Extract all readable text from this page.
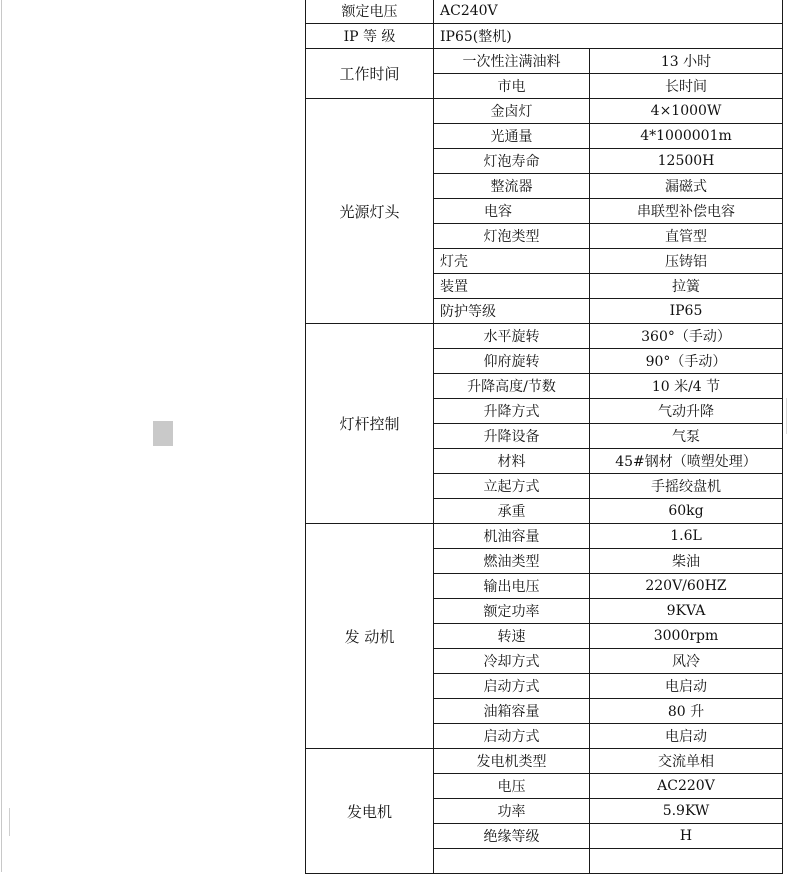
额定电压	AC240V	
IP 等 级	IP65(整机)	
工作时间	一次性注满油料	13 小时
	市电	长时间
光源灯头	金卤灯	4×1000W
	光通量	4*1000001m
	灯泡寿命	12500H
	整流器	漏磁式
	电容	串联型补偿电容
	灯泡类型	直管型
	灯壳	压铸铝
	装置	拉簧
	防护等级	IP65
灯杆控制	水平旋转	360°（手动）
	仰府旋转	90°（手动）
	升降高度/节数	10 米/4 节
	升降方式	气动升降
	升降设备	气泵
	材料	45#钢材（喷塑处理）
	立起方式	手摇绞盘机
	承重	60kg
发 动机	机油容量	1.6L
	燃油类型	柴油
	输出电压	220V/60HZ
	额定功率	9KVA
	转速	3000rpm
	冷却方式	风冷
	启动方式	电启动
	油箱容量	80 升
	启动方式	电启动
发电机	发电机类型	交流单相
	电压	AC220V
	功率	5.9KW
	绝缘等级	H
